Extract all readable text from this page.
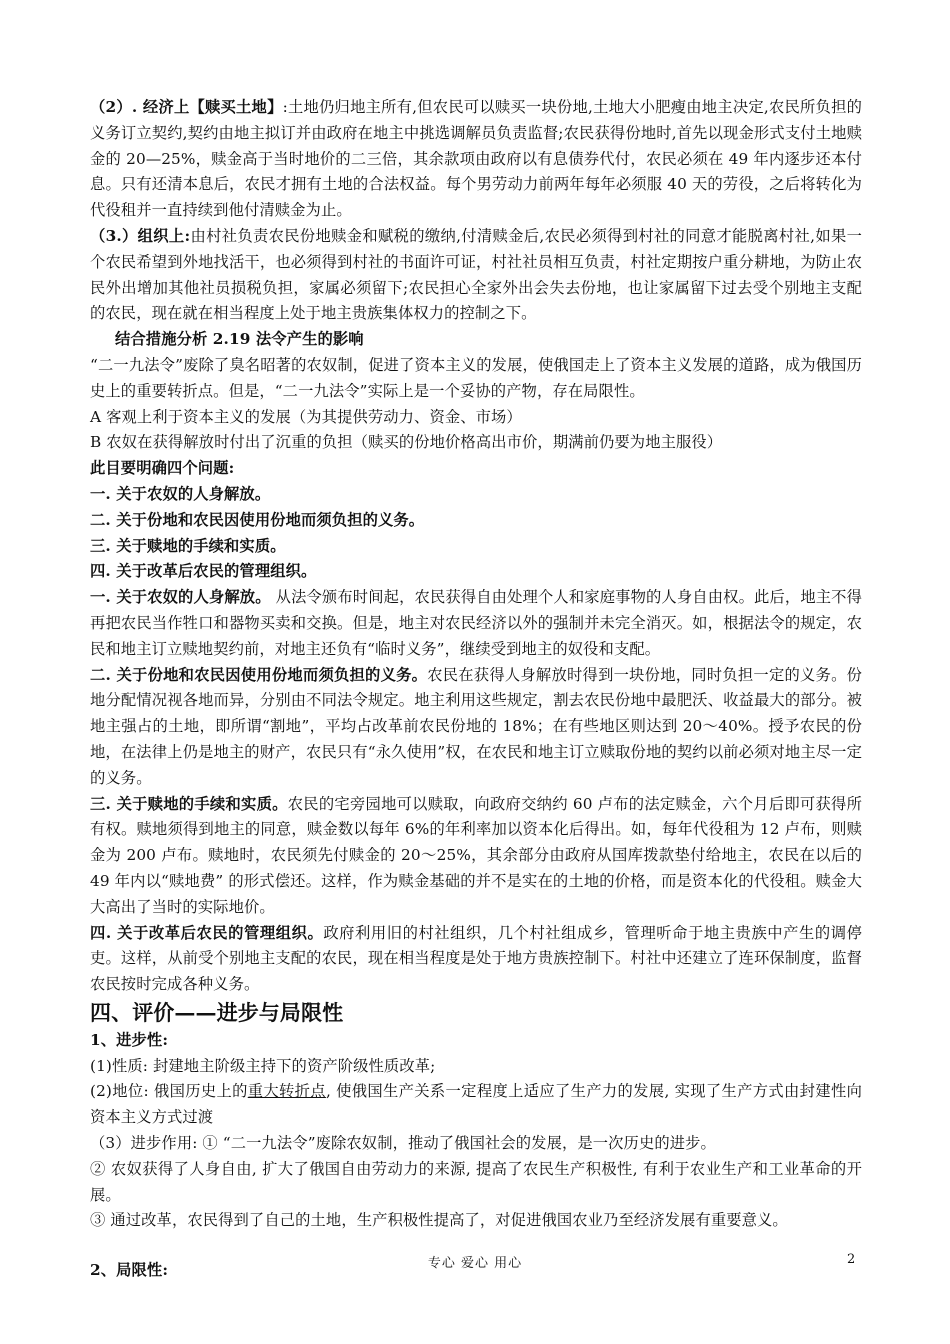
（2）. 经济上【赎买土地】:土地仍归地主所有,但农民可以赎买一块份地,土地大小肥瘦由地主决定,农民所负担的义务订立契约,契约由地主拟订并由政府在地主中挑选调解员负责监督;农民获得份地时,首先以现金形式支付土地赎金的 20—25%，赎金高于当时地价的二三倍，其余款项由政府以有息债券代付，农民必须在 49 年内逐步还本付息。只有还清本息后，农民才拥有土地的合法权益。每个男劳动力前两年每年必须服 40 天的劳役，之后将转化为代役租并一直持续到他付清赎金为止。

（3.）组织上:由村社负责农民份地赎金和赋税的缴纳,付清赎金后,农民必须得到村社的同意才能脱离村社,如果一个农民希望到外地找活干，也必须得到村社的书面许可证，村社社员相互负责，村社定期按户重分耕地，为防止农民外出增加其他社员损税负担，家属必须留下;农民担心全家外出会失去份地，也让家属留下过去受个别地主支配的农民，现在就在相当程度上处于地主贵族集体权力的控制之下。

结合措施分析 2.19 法令产生的影响

“二一九法令”废除了臭名昭著的农奴制，促进了资本主义的发展，使俄国走上了资本主义发展的道路，成为俄国历史上的重要转折点。但是，“二一九法令”实际上是一个妥协的产物，存在局限性。

A 客观上利于资本主义的发展（为其提供劳动力、资金、市场）

B 农奴在获得解放时付出了沉重的负担（赎买的份地价格高出市价，期满前仍要为地主服役）

此目要明确四个问题:

一. 关于农奴的人身解放。

二. 关于份地和农民因使用份地而须负担的义务。

三. 关于赎地的手续和实质。

四. 关于改革后农民的管理组织。

一. 关于农奴的人身解放。 从法令颁布时间起，农民获得自由处理个人和家庭事物的人身自由权。此后，地主不得再把农民当作牲口和器物买卖和交换。但是，地主对农民经济以外的强制并未完全消灭。如，根据法令的规定，农民和地主订立赎地契约前，对地主还负有“临时义务”，继续受到地主的奴役和支配。

二. 关于份地和农民因使用份地而须负担的义务。农民在获得人身解放时得到一块份地，同时负担一定的义务。份地分配情况视各地而异，分别由不同法令规定。地主利用这些规定，割去农民份地中最肥沃、收益最大的部分。被地主强占的土地，即所谓“割地”，平均占改革前农民份地的 18%；在有些地区则达到 20～40%。授予农民的份地，在法律上仍是地主的财产，农民只有“永久使用”权，在农民和地主订立赎取份地的契约以前必须对地主尽一定的义务。

三. 关于赎地的手续和实质。农民的宅旁园地可以赎取，向政府交纳约 60 卢布的法定赎金，六个月后即可获得所有权。赎地须得到地主的同意，赎金数以每年 6%的年利率加以资本化后得出。如，每年代役租为 12 卢布，则赎金为 200 卢布。赎地时，农民须先付赎金的 20～25%，其余部分由政府从国库拨款垫付给地主，农民在以后的 49 年内以“赎地费” 的形式偿还。这样，作为赎金基础的并不是实在的土地的价格，而是资本化的代役租。赎金大大高出了当时的实际地价。

四. 关于改革后农民的管理组织。政府利用旧的村社组织，几个村社组成乡，管理听命于地主贵族中产生的调停吏。这样，从前受个别地主支配的农民，现在相当程度是处于地方贵族控制下。村社中还建立了连环保制度，监督农民按时完成各种义务。

四、评价——进步与局限性

1、进步性:

(1)性质: 封建地主阶级主持下的资产阶级性质改革;

(2)地位: 俄国历史上的重大转折点, 使俄国生产关系一定程度上适应了生产力的发展, 实现了生产方式由封建性向资本主义方式过渡

（3）进步作用: ① “二一九法令”废除农奴制，推动了俄国社会的发展，是一次历史的进步。

② 农奴获得了人身自由, 扩大了俄国自由劳动力的来源, 提高了农民生产积极性, 有利于农业生产和工业革命的开展。

③ 通过改革，农民得到了自己的土地，生产积极性提高了，对促进俄国农业乃至经济发展有重要意义。

2、局限性:	专心 爱心 用心	2
